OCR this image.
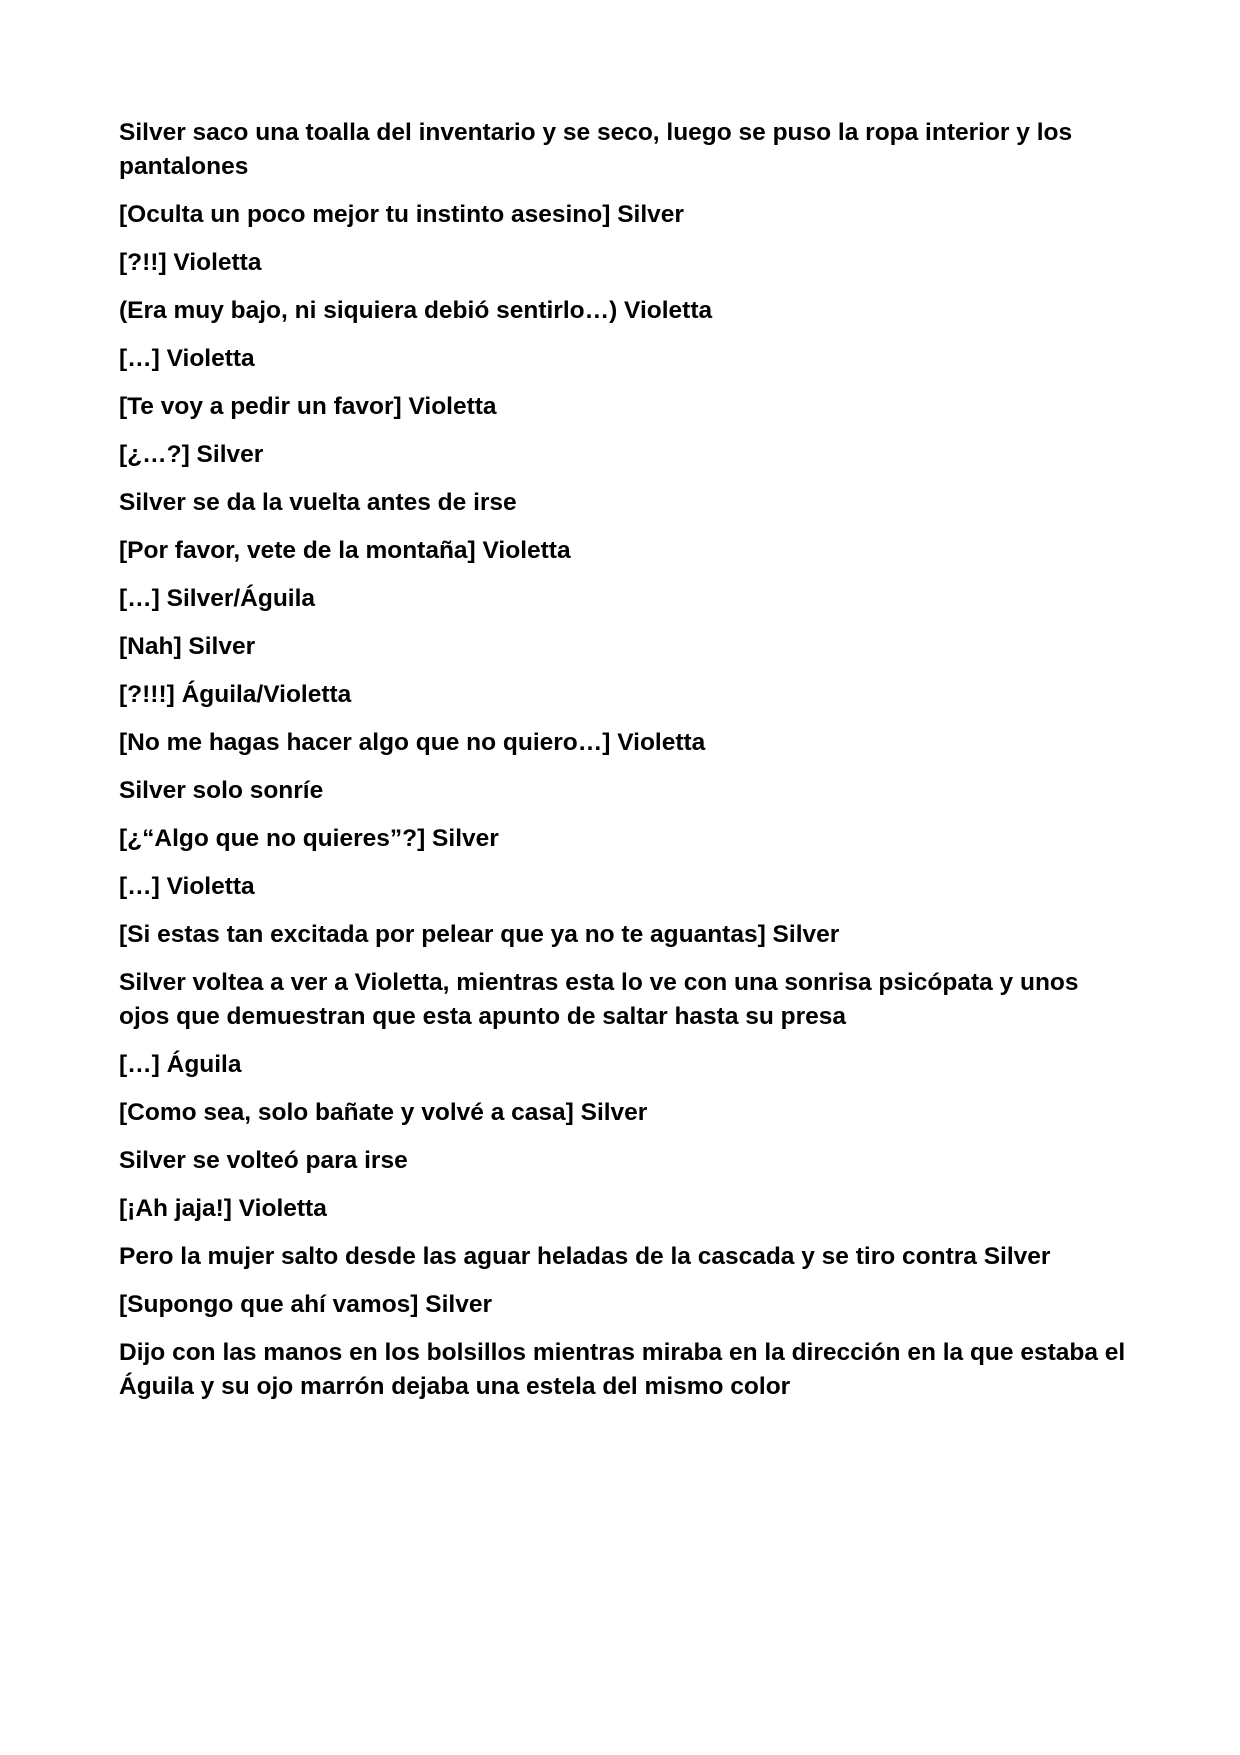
Silver saco una toalla del inventario y se seco, luego se puso la ropa interior y los pantalones

[Oculta un poco mejor tu instinto asesino] Silver

[?!!] Violetta

(Era muy bajo, ni siquiera debió sentirlo…) Violetta

[…] Violetta

[Te voy a pedir un favor] Violetta

[¿…?] Silver

Silver se da la vuelta antes de irse

[Por favor, vete de la montaña] Violetta

[…] Silver/Águila

[Nah] Silver

[?!!!] Águila/Violetta

[No me hagas hacer algo que no quiero…] Violetta

Silver solo sonríe

[¿“Algo que no quieres”?] Silver

[…] Violetta

[Si estas tan excitada por pelear que ya no te aguantas] Silver

Silver voltea a ver a Violetta, mientras esta lo ve con una sonrisa psicópata y unos ojos que demuestran que esta apunto de saltar hasta su presa

[…] Águila

[Como sea, solo bañate y volvé a casa] Silver

Silver se volteó para irse

[¡Ah jaja!] Violetta

Pero la mujer salto desde las aguar heladas de la cascada y se tiro contra Silver

[Supongo que ahí vamos] Silver

Dijo con las manos en los bolsillos mientras miraba en la dirección en la que estaba el Águila y su ojo marrón dejaba una estela del mismo color
